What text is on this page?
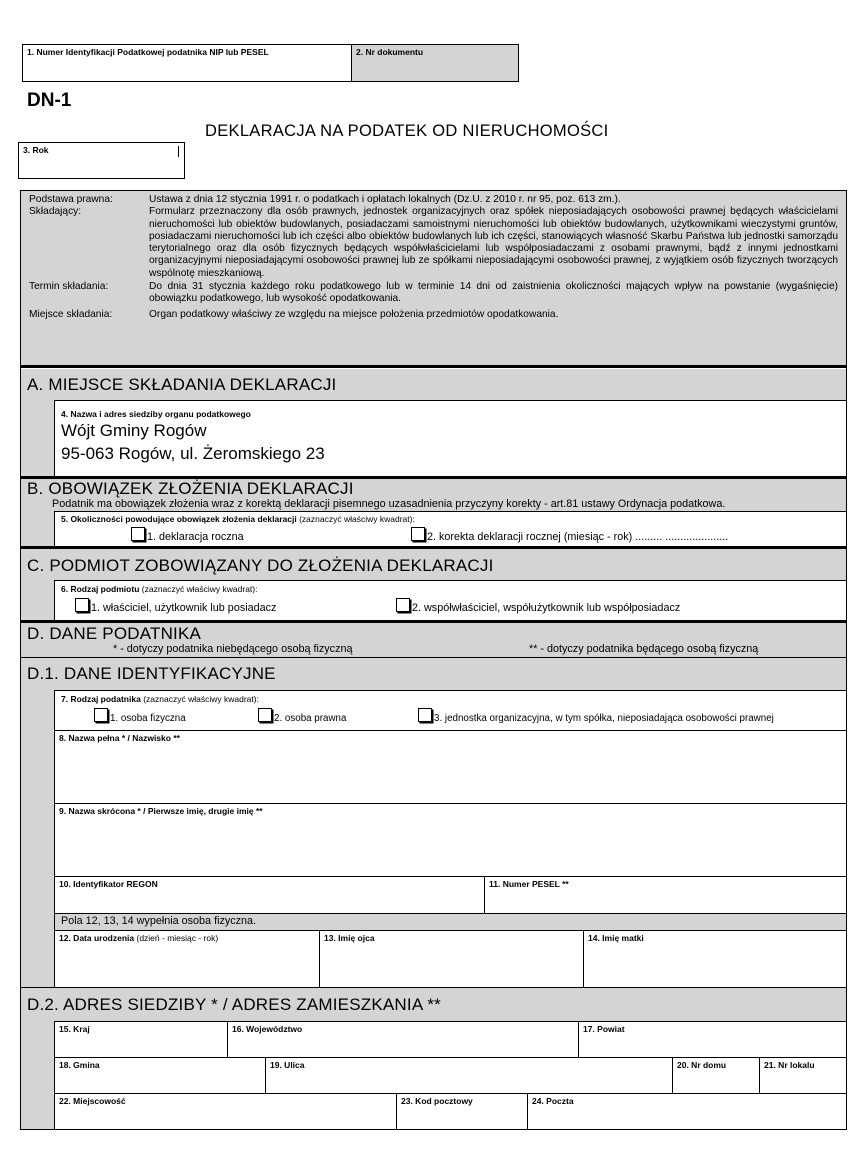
1. Numer Identyfikacji Podatkowej podatnika NIP lub PESEL	2. Nr dokumentu
DN-1
DEKLARACJA NA PODATEK OD NIERUCHOMOŚCI
3. Rok
Podstawa prawna:	Ustawa z dnia 12 stycznia 1991 r. o podatkach i opłatach lokalnych (Dz.U. z 2010 r. nr 95, poz. 613 zm.).
Składający:	Formularz przeznaczony dla osób prawnych, jednostek organizacyjnych oraz spółek nieposiadających osobowości prawnej będących właścicielami nieruchomości lub obiektów budowlanych, posiadaczami samoistnymi nieruchomości lub obiektów budowlanych, użytkownikami wieczystymi gruntów, posiadaczami nieruchomości lub ich części albo obiektów budowlanych lub ich części, stanowiących własność Skarbu Państwa lub jednostki samorządu terytorialnego oraz dla osób fizycznych będących współwłaścicielami lub współposiadaczami z osobami prawnymi, bądź z innymi jednostkami organizacyjnymi nieposiadającymi osobowości prawnej lub ze spółkami nieposiadającymi osobowości prawnej, z wyjątkiem osób fizycznych tworzących wspólnotę mieszkaniową.
Termin składania:	Do dnia 31 stycznia każdego roku podatkowego lub w terminie 14 dni od zaistnienia okoliczności mających wpływ na powstanie (wygaśnięcie) obowiązku podatkowego, lub wysokość opodatkowania.
Miejsce składania:	Organ podatkowy właściwy ze względu na miejsce położenia przedmiotów opodatkowania.
A. MIEJSCE SKŁADANIA DEKLARACJI
4. Nazwa i adres siedziby organu podatkowego
Wójt Gminy Rogów
95-063 Rogów, ul. Żeromskiego 23
B. OBOWIĄZEK ZŁOŻENIA DEKLARACJI
Podatnik ma obowiązek złożenia wraz z korektą deklaracji pisemnego uzasadnienia przyczyny korekty - art.81 ustawy Ordynacja podatkowa.
5. Okoliczności powodujące obowiązek złożenia deklaracji (zaznaczyć właściwy kwadrat):
1. deklaracja roczna	2. korekta deklaracji rocznej (miesiąc - rok) ......... .....................
C. PODMIOT ZOBOWIĄZANY DO ZŁOŻENIA DEKLARACJI
6. Rodzaj podmiotu (zaznaczyć właściwy kwadrat):
1. właściciel, użytkownik lub posiadacz	2. współwłaściciel, współużytkownik lub współposiadacz
D. DANE PODATNIKA
* - dotyczy podatnika niebędącego osobą fizyczną	** - dotyczy podatnika będącego osobą fizyczną
D.1. DANE IDENTYFIKACYJNE
7. Rodzaj podatnika (zaznaczyć właściwy kwadrat):
1. osoba fizyczna	2. osoba prawna	3. jednostka organizacyjna, w tym spółka, nieposiadająca osobowości prawnej
8. Nazwa pełna * / Nazwisko **
9. Nazwa skrócona * / Pierwsze imię, drugie imię **
10. Identyfikator REGON	11. Numer PESEL **
Pola 12, 13, 14 wypełnia osoba fizyczna.
12. Data urodzenia (dzień - miesiąc - rok)	13. Imię ojca	14. Imię matki
D.2. ADRES SIEDZIBY * / ADRES ZAMIESZKANIA **
15. Kraj	16. Województwo	17. Powiat
18. Gmina	19. Ulica	20. Nr domu	21. Nr lokalu
22. Miejscowość	23. Kod pocztowy	24. Poczta
